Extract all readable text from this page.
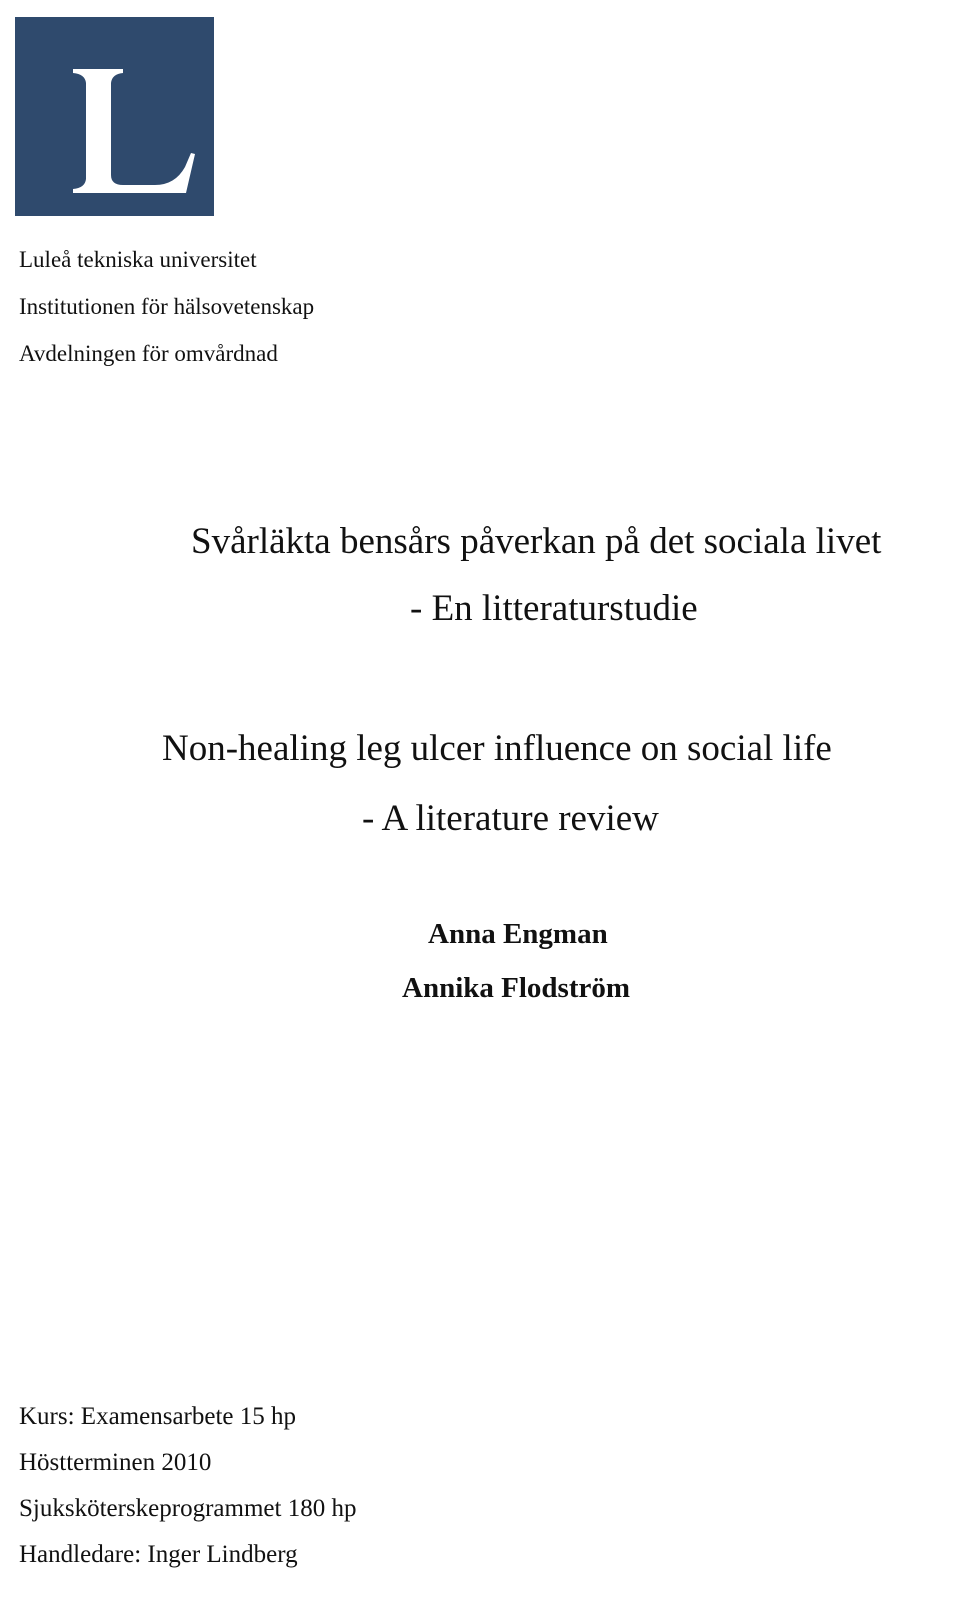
Luleå tekniska universitet
Institutionen för hälsovetenskap
Avdelningen för omvårdnad
Svårläkta bensårs påverkan på det sociala livet
- En litteraturstudie
Non-healing leg ulcer influence on social life
- A literature review
Anna Engman
Annika Flodström
Kurs: Examensarbete 15 hp
Höstterminen 2010
Sjuksköterskeprogrammet 180 hp
Handledare: Inger Lindberg
